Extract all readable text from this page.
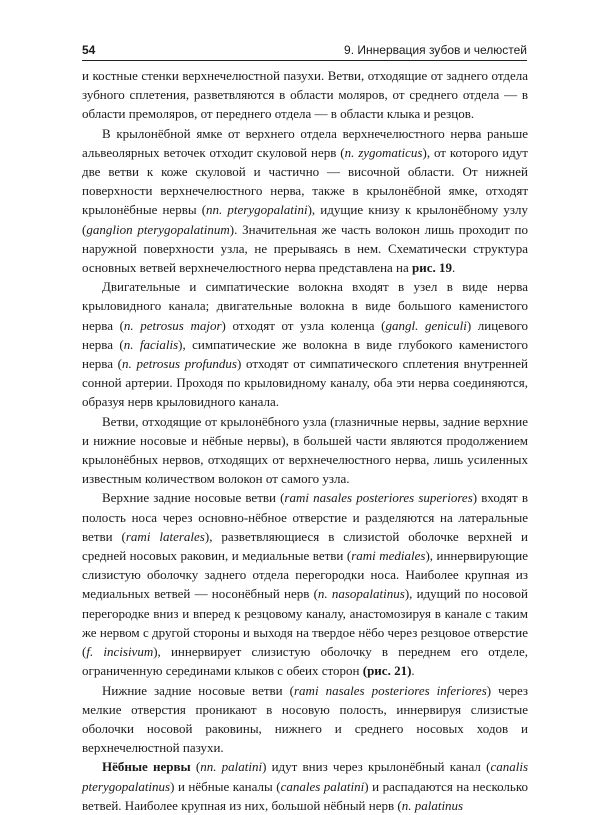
54	9. Иннервация зубов и челюстей

и костные стенки верхнечелюстной пазухи. Ветви, отходящие от заднего отдела зубного сплетения, разветвляются в области моляров, от среднего отдела — в области премоляров, от переднего отдела — в области клыка и резцов.

В крылонёбной ямке от верхнего отдела верхнечелюстного нерва раньше альвеолярных веточек отходит скуловой нерв (n. zygomaticus), от которого идут две ветви к коже скуловой и частично — височной области. От нижней поверхности верхнечелюстного нерва, также в крылонёбной ямке, отходят крылонёбные нервы (nn. pterygopalatini), идущие книзу к крылонёбному узлу (ganglion pterygopalatinum). Значительная же часть волокон лишь проходит по наружной поверхности узла, не прерываясь в нем. Схематически структура основных ветвей верхнечелюстного нерва представлена на рис. 19.

Двигательные и симпатические волокна входят в узел в виде нерва крыловидного канала; двигательные волокна в виде большого каменистого нерва (n. petrosus major) отходят от узла коленца (gangl. geniculi) лицевого нерва (n. facialis), симпатические же волокна в виде глубокого каменистого нерва (n. petrosus profundus) отходят от симпатического сплетения внутренней сонной артерии. Проходя по крыловидному каналу, оба эти нерва соединяются, образуя нерв крыловидного канала.

Ветви, отходящие от крылонёбного узла (глазничные нервы, задние верхние и нижние носовые и нёбные нервы), в большей части являются продолжением крылонёбных нервов, отходящих от верхнечелюстного нерва, лишь усиленных известным количеством волокон от самого узла.

Верхние задние носовые ветви (rami nasales posteriores superiores) входят в полость носа через основно-нёбное отверстие и разделяются на латеральные ветви (rami laterales), разветвляющиеся в слизистой оболочке верхней и средней носовых раковин, и медиальные ветви (rami mediales), иннервирующие слизистую оболочку заднего отдела перегородки носа. Наиболее крупная из медиальных ветвей — носонёбный нерв (n. nasopalatinus), идущий по носовой перегородке вниз и вперед к резцовому каналу, анастомозируя в канале с таким же нервом с другой стороны и выходя на твердое нёбо через резцовое отверстие (f. incisivum), иннервирует слизистую оболочку в переднем его отделе, ограниченную серединами клыков с обеих сторон (рис. 21).

Нижние задние носовые ветви (rami nasales posteriores inferiores) через мелкие отверстия проникают в носовую полость, иннервируя слизистые оболочки носовой раковины, нижнего и среднего носовых ходов и верхнечелюстной пазухи.

Нёбные нервы (nn. palatini) идут вниз через крылонёбный канал (canalis pterygopalatinus) и нёбные каналы (canales palatini) и распадаются на несколько ветвей. Наиболее крупная из них, большой нёбный нерв (n. palatinus
